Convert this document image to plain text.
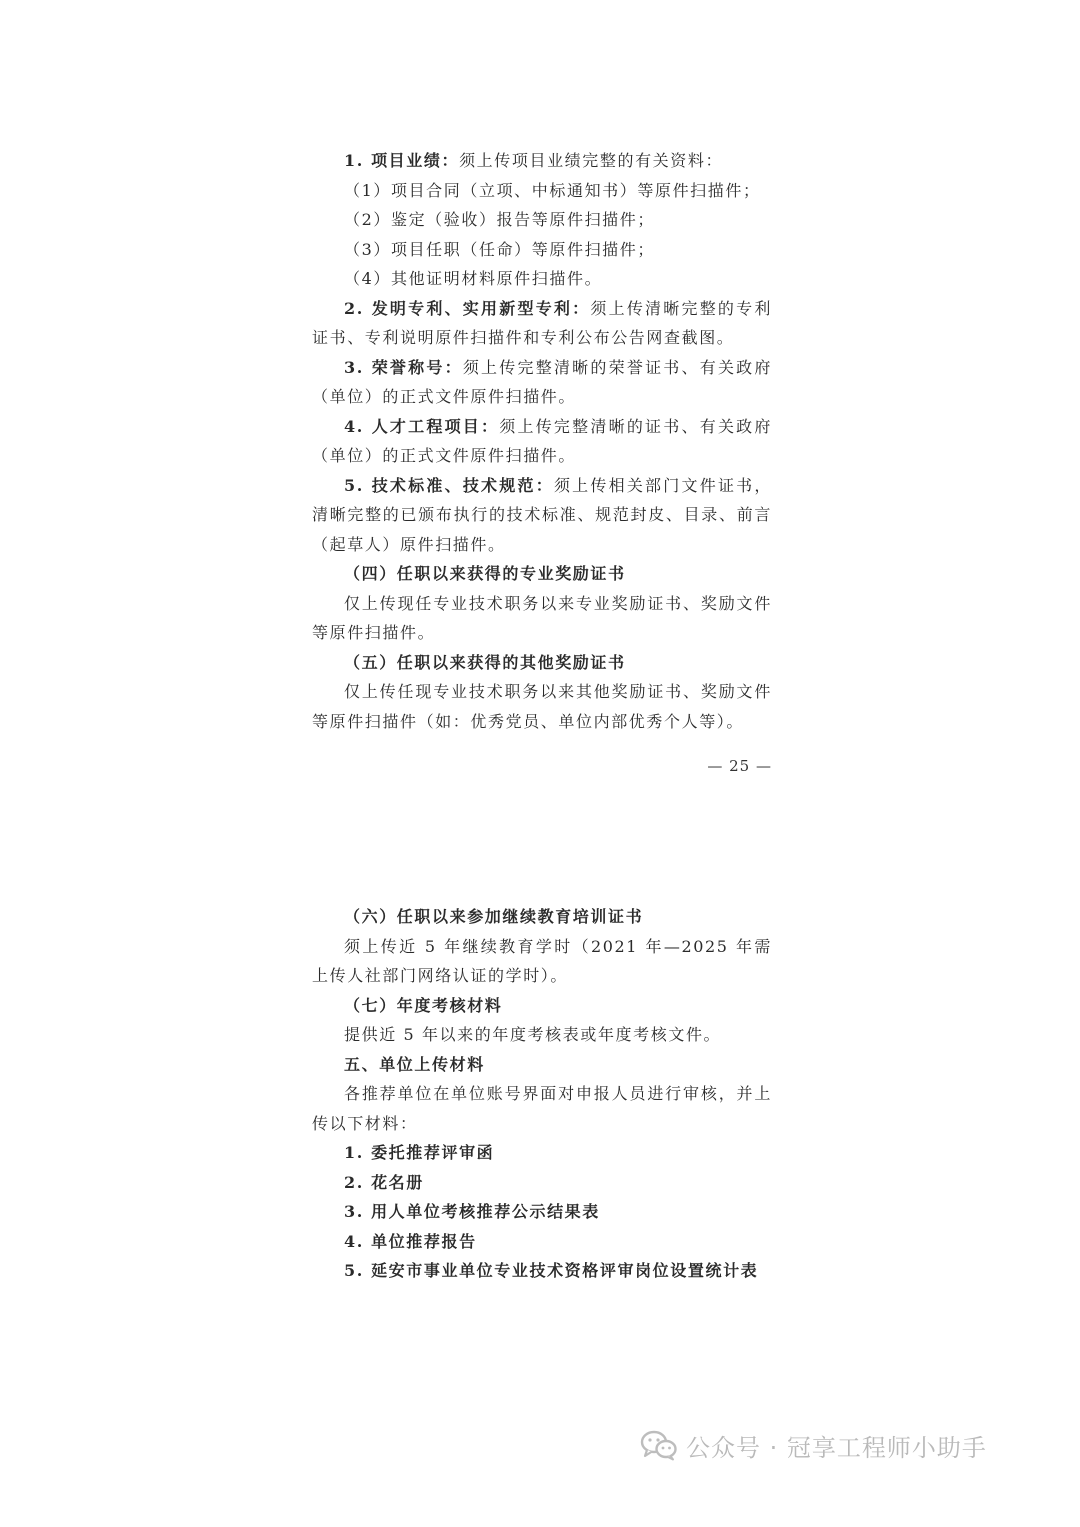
1. 项目业绩：须上传项目业绩完整的有关资料：

（1）项目合同（立项、中标通知书）等原件扫描件；

（2）鉴定（验收）报告等原件扫描件；

（3）项目任职（任命）等原件扫描件；

（4）其他证明材料原件扫描件。

2. 发明专利、实用新型专利：须上传清晰完整的专利证书、专利说明原件扫描件和专利公布公告网查截图。

3. 荣誉称号：须上传完整清晰的荣誉证书、有关政府（单位）的正式文件原件扫描件。

4. 人才工程项目：须上传完整清晰的证书、有关政府（单位）的正式文件原件扫描件。

5. 技术标准、技术规范：须上传相关部门文件证书，清晰完整的已颁布执行的技术标准、规范封皮、目录、前言（起草人）原件扫描件。

（四）任职以来获得的专业奖励证书

仅上传现任专业技术职务以来专业奖励证书、奖励文件等原件扫描件。

（五）任职以来获得的其他奖励证书

仅上传任现专业技术职务以来其他奖励证书、奖励文件等原件扫描件（如：优秀党员、单位内部优秀个人等）。

— 25 —

（六）任职以来参加继续教育培训证书

须上传近 5 年继续教育学时（2021 年—2025 年需上传人社部门网络认证的学时）。

（七）年度考核材料

提供近 5 年以来的年度考核表或年度考核文件。

五、单位上传材料

各推荐单位在单位账号界面对申报人员进行审核，并上传以下材料：

1. 委托推荐评审函

2. 花名册

3. 用人单位考核推荐公示结果表

4. 单位推荐报告

5. 延安市事业单位专业技术资格评审岗位设置统计表

公众号 · 冠享工程师小助手
